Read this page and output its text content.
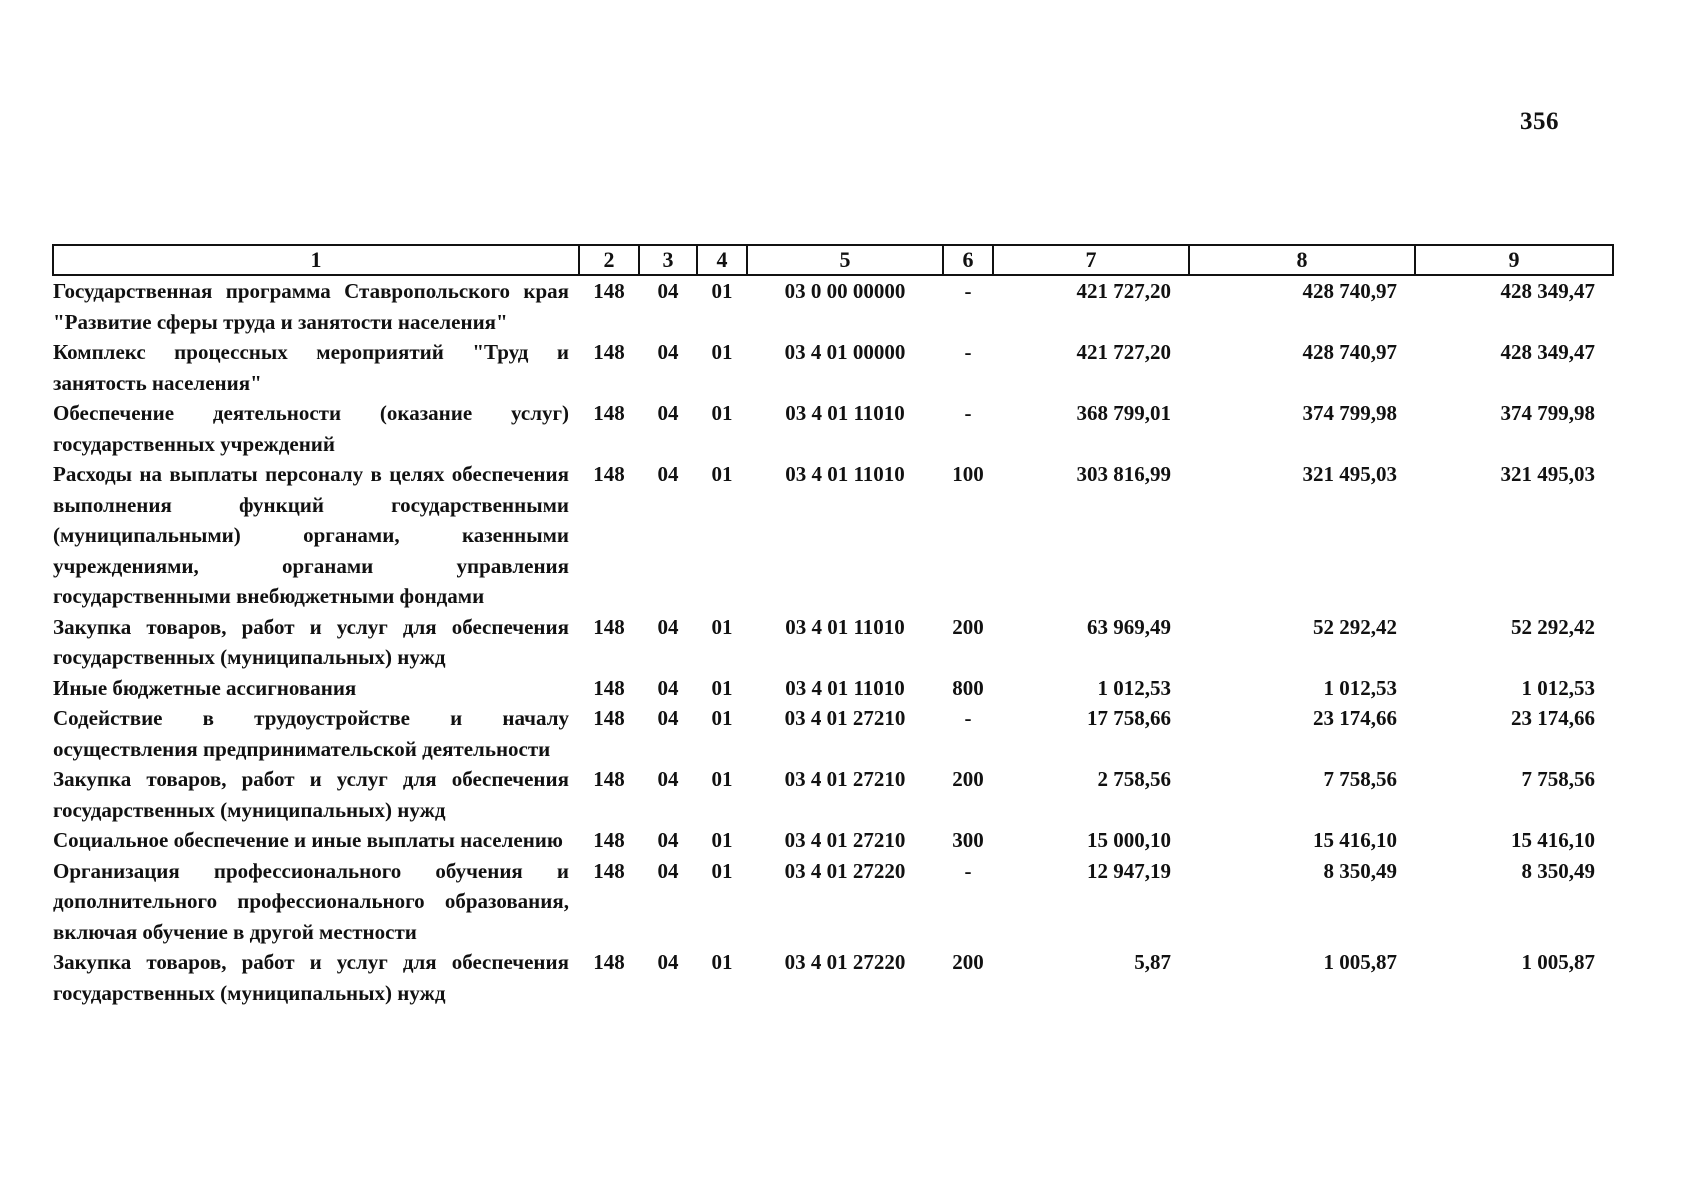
356
1	2	3	4	5	6	7	8	9
Государственная программа Ставропольского края "Развитие сферы труда и занятости населения"	148	04	01	03 0 00 00000	-	421 727,20	428 740,97	428 349,47
Комплекс процессных мероприятий "Труд и занятость населения"	148	04	01	03 4 01 00000	-	421 727,20	428 740,97	428 349,47
Обеспечение деятельности (оказание услуг) государственных учреждений	148	04	01	03 4 01 11010	-	368 799,01	374 799,98	374 799,98
Расходы на выплаты персоналу в целях обеспечения выполнения функций государственными (муниципальными) органами, казенными учреждениями, органами управления государственными внебюджетными фондами	148	04	01	03 4 01 11010	100	303 816,99	321 495,03	321 495,03
Закупка товаров, работ и услуг для обеспечения государственных (муниципальных) нужд	148	04	01	03 4 01 11010	200	63 969,49	52 292,42	52 292,42
Иные бюджетные ассигнования	148	04	01	03 4 01 11010	800	1 012,53	1 012,53	1 012,53
Содействие в трудоустройстве и началу осуществления предпринимательской деятельности	148	04	01	03 4 01 27210	-	17 758,66	23 174,66	23 174,66
Закупка товаров, работ и услуг для обеспечения государственных (муниципальных) нужд	148	04	01	03 4 01 27210	200	2 758,56	7 758,56	7 758,56
Социальное обеспечение и иные выплаты населению	148	04	01	03 4 01 27210	300	15 000,10	15 416,10	15 416,10
Организация профессионального обучения и дополнительного профессионального образования, включая обучение в другой местности	148	04	01	03 4 01 27220	-	12 947,19	8 350,49	8 350,49
Закупка товаров, работ и услуг для обеспечения государственных (муниципальных) нужд	148	04	01	03 4 01 27220	200	5,87	1 005,87	1 005,87
